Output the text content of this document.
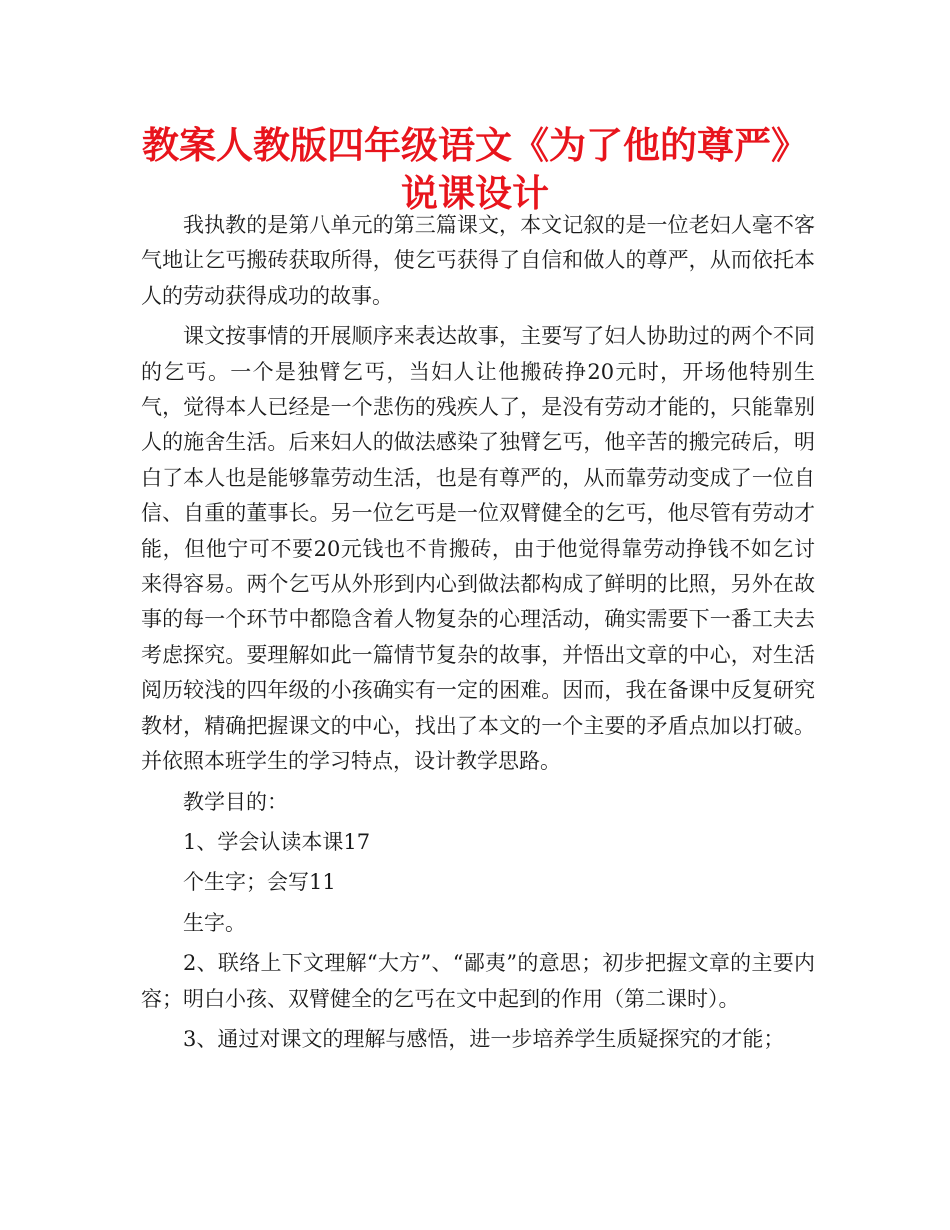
教案人教版四年级语文《为了他的尊严》
说课设计

我执教的是第八单元的第三篇课文，本文记叙的是一位老妇人毫不客气地让乞丐搬砖获取所得，使乞丐获得了自信和做人的尊严，从而依托本人的劳动获得成功的故事。

课文按事情的开展顺序来表达故事，主要写了妇人协助过的两个不同的乞丐。一个是独臂乞丐，当妇人让他搬砖挣20元时，开场他特别生气，觉得本人已经是一个悲伤的残疾人了，是没有劳动才能的，只能靠别人的施舍生活。后来妇人的做法感染了独臂乞丐，他辛苦的搬完砖后，明白了本人也是能够靠劳动生活，也是有尊严的，从而靠劳动变成了一位自信、自重的董事长。另一位乞丐是一位双臂健全的乞丐，他尽管有劳动才能，但他宁可不要20元钱也不肯搬砖，由于他觉得靠劳动挣钱不如乞讨来得容易。两个乞丐从外形到内心到做法都构成了鲜明的比照，另外在故事的每一个环节中都隐含着人物复杂的心理活动，确实需要下一番工夫去考虑探究。要理解如此一篇情节复杂的故事，并悟出文章的中心，对生活阅历较浅的四年级的小孩确实有一定的困难。因而，我在备课中反复研究教材，精确把握课文的中心，找出了本文的一个主要的矛盾点加以打破。并依照本班学生的学习特点，设计教学思路。

教学目的：

1、学会认读本课17

个生字；会写11

生字。

2、联络上下文理解“大方”、“鄙夷”的意思；初步把握文章的主要内容；明白小孩、双臂健全的乞丐在文中起到的作用（第二课时）。

3、通过对课文的理解与感悟，进一步培养学生质疑探究的才能；
